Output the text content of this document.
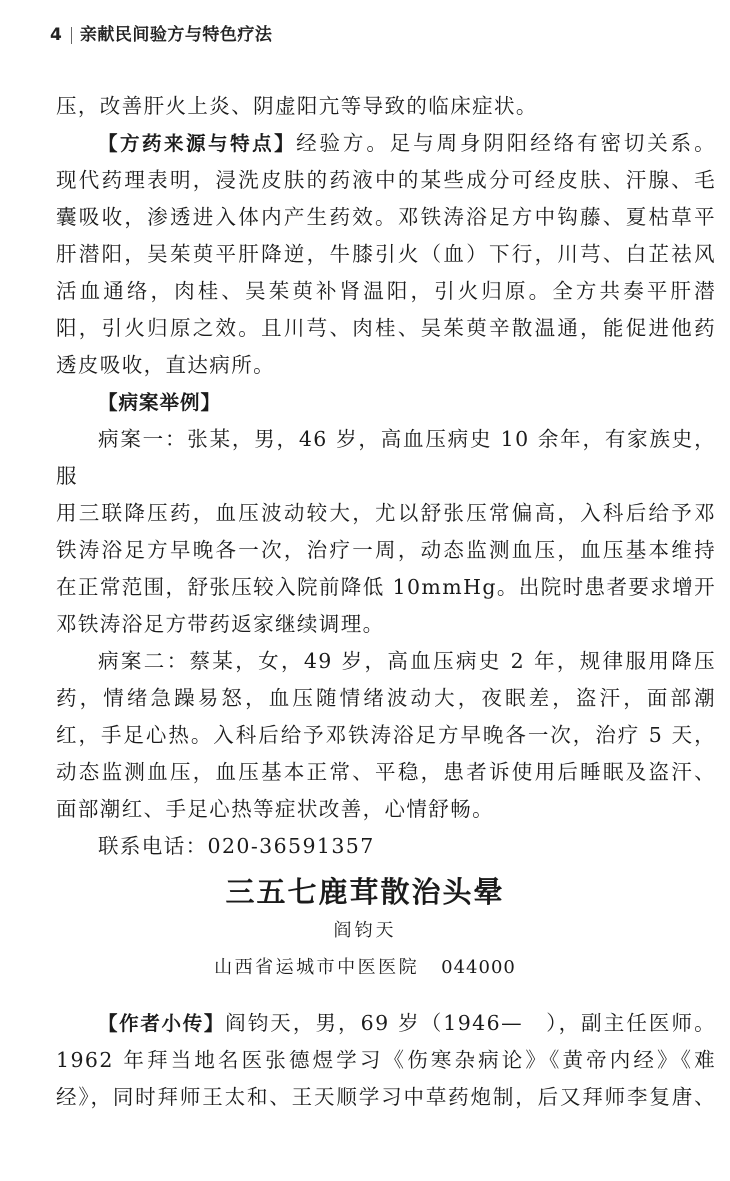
4 亲献民间验方与特色疗法

压，改善肝火上炎、阴虚阳亢等导致的临床症状。

【方药来源与特点】经验方。足与周身阴阳经络有密切关系。

现代药理表明，浸洗皮肤的药液中的某些成分可经皮肤、汗腺、毛

囊吸收，渗透进入体内产生药效。邓铁涛浴足方中钩藤、夏枯草平

肝潜阳，吴茱萸平肝降逆，牛膝引火（血）下行，川芎、白芷祛风

活血通络，肉桂、吴茱萸补肾温阳，引火归原。全方共奏平肝潜

阳，引火归原之效。且川芎、肉桂、吴茱萸辛散温通，能促进他药

透皮吸收，直达病所。

【病案举例】

病案一：张某，男，46 岁，高血压病史 10 余年，有家族史，服

用三联降压药，血压波动较大，尤以舒张压常偏高，入科后给予邓

铁涛浴足方早晚各一次，治疗一周，动态监测血压，血压基本维持

在正常范围，舒张压较入院前降低 10mmHg。出院时患者要求增开

邓铁涛浴足方带药返家继续调理。

病案二：蔡某，女，49 岁，高血压病史 2 年，规律服用降压

药，情绪急躁易怒，血压随情绪波动大，夜眠差，盗汗，面部潮

红，手足心热。入科后给予邓铁涛浴足方早晚各一次，治疗 5 天，

动态监测血压，血压基本正常、平稳，患者诉使用后睡眠及盗汗、

面部潮红、手足心热等症状改善，心情舒畅。

联系电话：020-36591357

三五七鹿茸散治头晕
阎钧天
山西省运城市中医医院 044000

【作者小传】阎钧天，男，69 岁（1946—　），副主任医师。

1962 年拜当地名医张德煜学习《伤寒杂病论》《黄帝内经》《难

经》，同时拜师王太和、王天顺学习中草药炮制，后又拜师李复唐、
